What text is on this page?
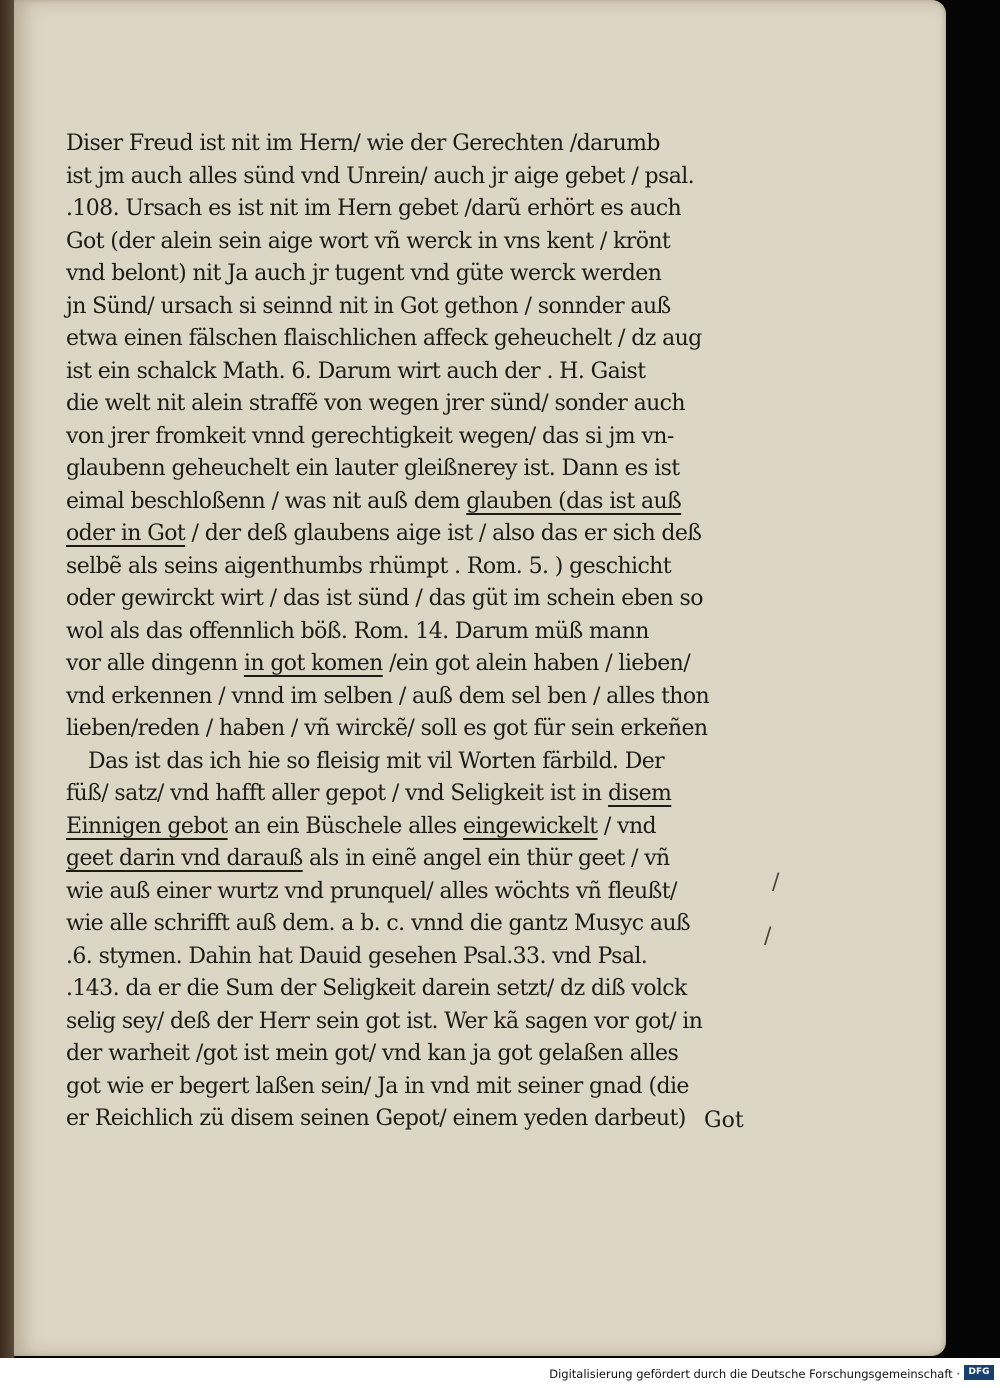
Diser Freud ist nit im Hern/ wie der Gerechten /darumb
ist jm auch alles sünd vnd Unrein/ auch jr aige gebet / psal.
.108. Ursach es ist nit im Hern gebet /darũ erhört es auch
Got (der alein sein aige wort vñ werck in vns kent / krönt
vnd belont) nit Ja auch jr tugent vnd güte werck werden
jn Sünd/ ursach si seinnd nit in Got gethon / sonnder auß
etwa einen fälschen flaischlichen affeck geheuchelt / dz aug
ist ein schalck Math. 6. Darum wirt auch der . H. Gaist
die welt nit alein straffẽ von wegen jrer sünd/ sonder auch
von jrer fromkeit vnnd gerechtigkeit wegen/ das si jm vn-
glaubenn geheuchelt ein lauter gleißnerey ist. Dann es ist
eimal beschloßenn / was nit auß dem glauben (das ist auß
oder in Got / der deß glaubens aige ist / also das er sich deß
selbẽ als seins aigenthumbs rhümpt . Rom. 5. ) geschicht
oder gewirckt wirt / das ist sünd / das güt im schein eben so
wol als das offennlich böß. Rom. 14. Darum müß mann
vor alle dingenn in got komen /ein got alein haben / lieben/
vnd erkennen / vnnd im selben / auß dem sel ben / alles thon
lieben/reden / haben / vñ wirckẽ/ soll es got für sein erkeñen
Das ist das ich hie so fleisig mit vil Worten färbild. Der
füß/ satz/ vnd hafft aller gepot / vnd Seligkeit ist in disem
Einnigen gebot an ein Büschele alles eingewickelt / vnd
geet darin vnd darauß als in einẽ angel ein thür geet / vñ
wie auß einer wurtz vnd prunquel/ alles wöchts vñ fleußt/
wie alle schrifft auß dem. a b. c. vnnd die gantz Musyc auß
.6. stymen. Dahin hat Dauid gesehen Psal.33. vnd Psal.
.143. da er die Sum der Seligkeit darein setzt/ dz diß volck
selig sey/ deß der Herr sein got ist. Wer kã sagen vor got/ in
der warheit /got ist mein got/ vnd kan ja got gelaßen alles
got wie er begert laßen sein/ Ja in vnd mit seiner gnad (die
er Reichlich zü disem seinen Gepot/ einem yeden darbeut) Got
/
/
Digitalisierung gefördert durch die Deutsche Forschungsgemeinschaft · DFG
